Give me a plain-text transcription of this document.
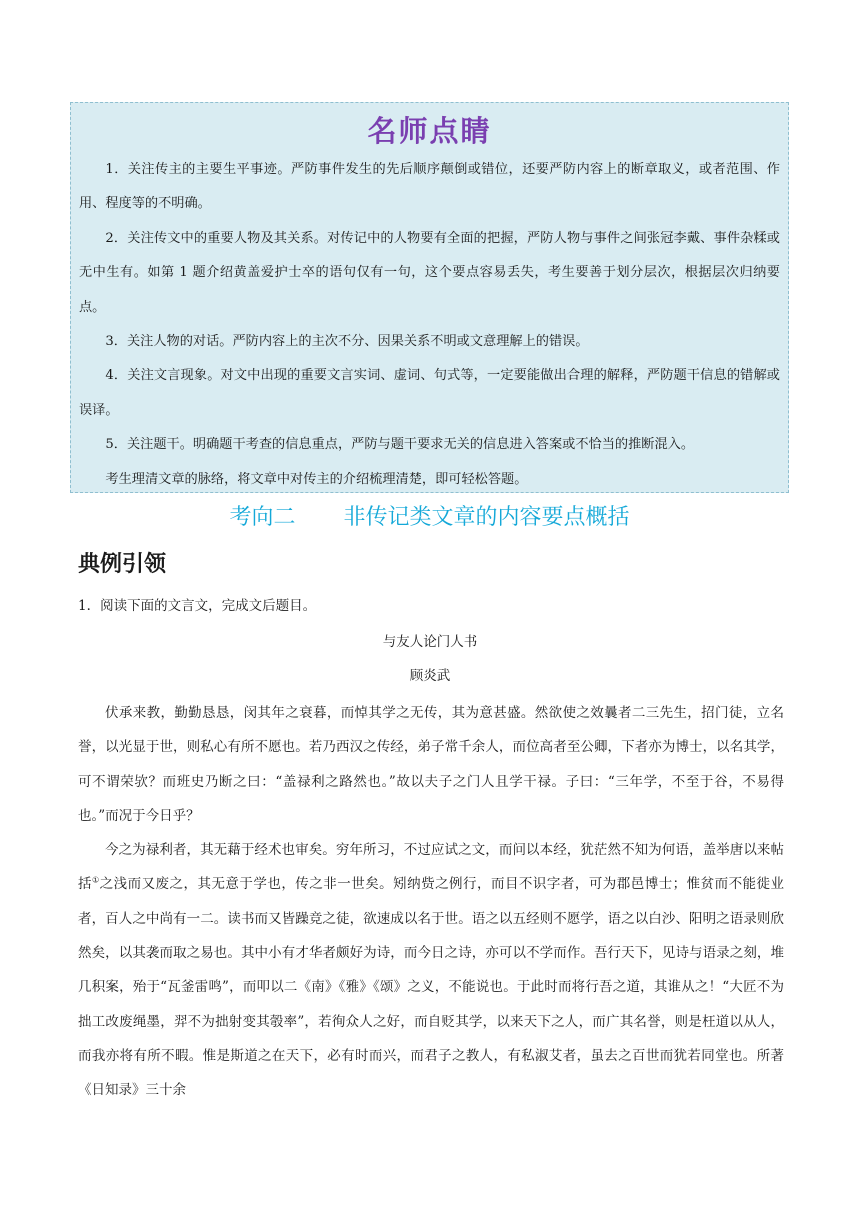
名师点睛

1．关注传主的主要生平事迹。严防事件发生的先后顺序颠倒或错位，还要严防内容上的断章取义，或者范围、作用、程度等的不明确。

2．关注传文中的重要人物及其关系。对传记中的人物要有全面的把握，严防人物与事件之间张冠李戴、事件杂糅或无中生有。如第 1 题介绍黄盖爱护士卒的语句仅有一句，这个要点容易丢失，考生要善于划分层次，根据层次归纳要点。

3．关注人物的对话。严防内容上的主次不分、因果关系不明或文意理解上的错误。

4．关注文言现象。对文中出现的重要文言实词、虚词、句式等，一定要能做出合理的解释，严防题干信息的错解或误译。

5．关注题干。明确题干考查的信息重点，严防与题干要求无关的信息进入答案或不恰当的推断混入。

考生理清文章的脉络，将文章中对传主的介绍梳理清楚，即可轻松答题。

考向二 非传记类文章的内容要点概括
典例引领
1．阅读下面的文言文，完成文后题目。
与友人论门人书
顾炎武

伏承来教，勤勤恳恳，闵其年之衰暮，而悼其学之无传，其为意甚盛。然欲使之效曩者二三先生，招门徒，立名誉，以光显于世，则私心有所不愿也。若乃西汉之传经，弟子常千余人，而位高者至公卿，下者亦为博士，以名其学，可不谓荣欤？而班史乃断之曰：“盖禄利之路然也。”故以夫子之门人且学干禄。子曰：“三年学，不至于谷，不易得也。”而况于今日乎？

今之为禄利者，其无藉于经术也审矣。穷年所习，不过应试之文，而问以本经，犹茫然不知为何语，盖举唐以来帖括①之浅而又废之，其无意于学也，传之非一世矣。矧纳赀之例行，而目不识字者，可为郡邑博士；惟贫而不能徙业者，百人之中尚有一二。读书而又皆躁竞之徒，欲速成以名于世。语之以五经则不愿学，语之以白沙、阳明之语录则欣然矣，以其袭而取之易也。其中小有才华者颇好为诗，而今日之诗，亦可以不学而作。吾行天下，见诗与语录之刻，堆几积案，殆于“瓦釜雷鸣”，而叩以二《南》《雅》《颂》之义，不能说也。于此时而将行吾之道，其谁从之！“大匠不为拙工改废绳墨，羿不为拙射变其彀率”，若徇众人之好，而自贬其学，以来天下之人，而广其名誉，则是枉道以从人，而我亦将有所不暇。惟是斯道之在天下，必有时而兴，而君子之教人，有私淑艾者，虽去之百世而犹若同堂也。所著《日知录》三十余
